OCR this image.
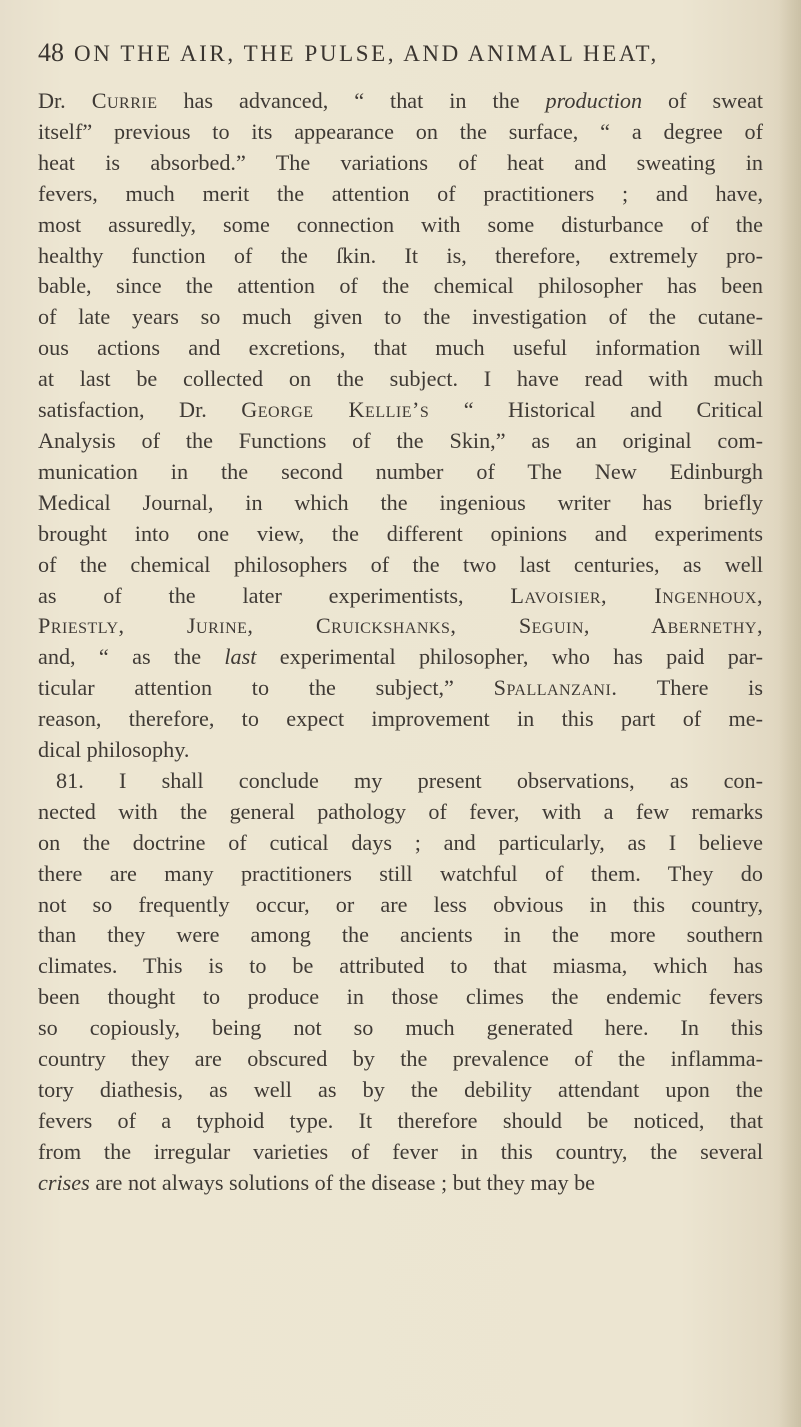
48 ON THE AIR, THE PULSE, AND ANIMAL HEAT,
Dr. Currie has advanced, “ that in the production of sweat
itself” previous to its appearance on the surface, “ a degree of
heat is absorbed.” The variations of heat and sweating in
fevers, much merit the attention of practitioners ; and have,
most assuredly, some connection with some disturbance of the
healthy function of the ſkin. It is, therefore, extremely pro-
bable, since the attention of the chemical philosopher has been
of late years so much given to the investigation of the cutane-
ous actions and excretions, that much useful information will
at last be collected on the subject. I have read with much
satisfaction, Dr. George Kellie’s “ Historical and Critical
Analysis of the Functions of the Skin,” as an original com-
munication in the second number of The New Edinburgh
Medical Journal, in which the ingenious writer has briefly
brought into one view, the different opinions and experiments
of the chemical philosophers of the two last centuries, as well
as of the later experimentists, Lavoisier, Ingenhoux,
Priestly, Jurine, Cruickshanks, Seguin, Abernethy,
and, “ as the last experimental philosopher, who has paid par-
ticular attention to the subject,” Spallanzani. There is
reason, therefore, to expect improvement in this part of me-
dical philosophy.
81. I shall conclude my present observations, as con-
nected with the general pathology of fever, with a few remarks
on the doctrine of cutical days ; and particularly, as I believe
there are many practitioners still watchful of them. They do
not so frequently occur, or are less obvious in this country,
than they were among the ancients in the more southern
climates. This is to be attributed to that miasma, which has
been thought to produce in those climes the endemic fevers
so copiously, being not so much generated here. In this
country they are obscured by the prevalence of the inflamma-
tory diathesis, as well as by the debility attendant upon the
fevers of a typhoid type. It therefore should be noticed, that
from the irregular varieties of fever in this country, the several
crises are not always solutions of the disease ; but they may be
